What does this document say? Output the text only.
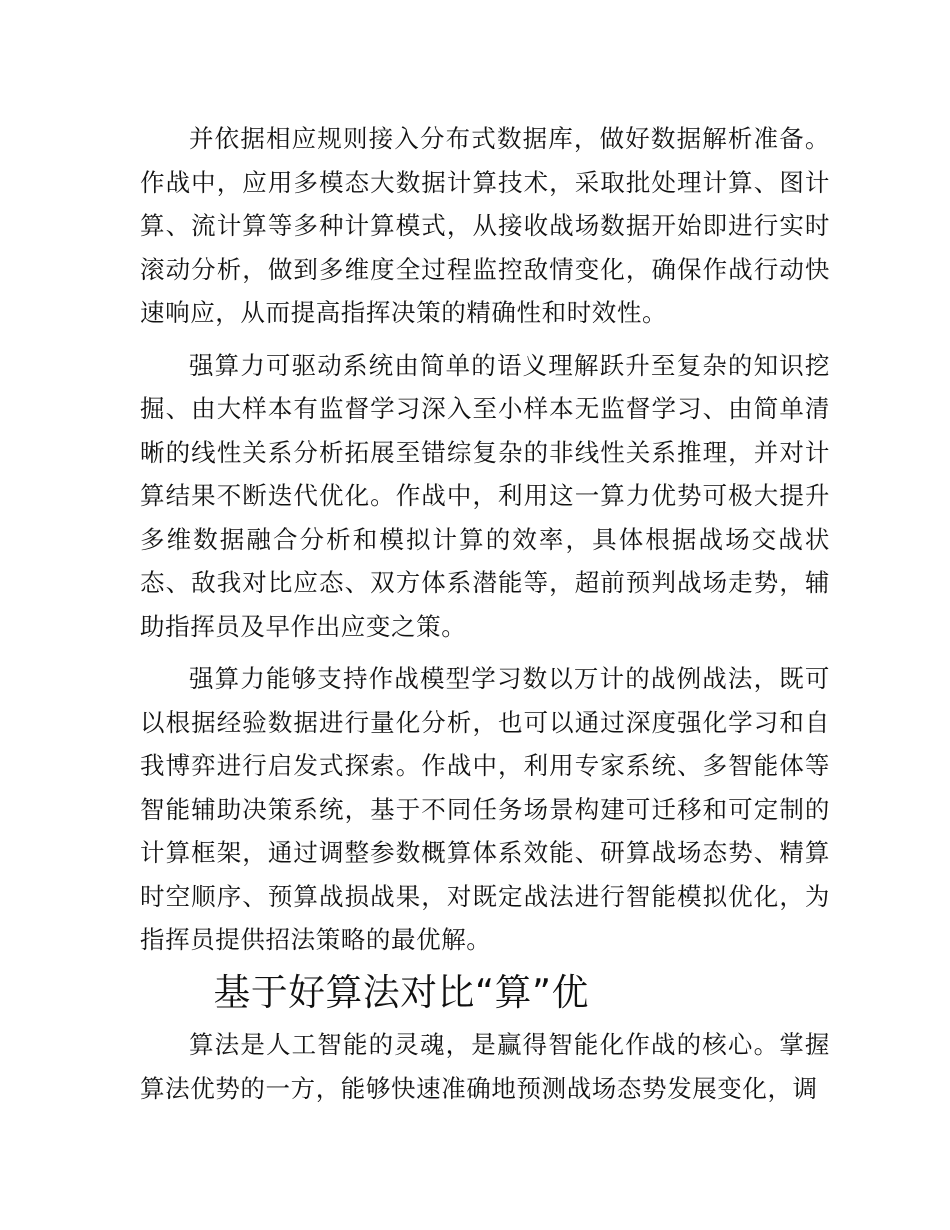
并依据相应规则接入分布式数据库，做好数据解析准备。作战中，应用多模态大数据计算技术，采取批处理计算、图计算、流计算等多种计算模式，从接收战场数据开始即进行实时滚动分析，做到多维度全过程监控敌情变化，确保作战行动快速响应，从而提高指挥决策的精确性和时效性。

强算力可驱动系统由简单的语义理解跃升至复杂的知识挖掘、由大样本有监督学习深入至小样本无监督学习、由简单清晰的线性关系分析拓展至错综复杂的非线性关系推理，并对计算结果不断迭代优化。作战中，利用这一算力优势可极大提升多维数据融合分析和模拟计算的效率，具体根据战场交战状态、敌我对比应态、双方体系潜能等，超前预判战场走势，辅助指挥员及早作出应变之策。

强算力能够支持作战模型学习数以万计的战例战法，既可以根据经验数据进行量化分析，也可以通过深度强化学习和自我博弈进行启发式探索。作战中，利用专家系统、多智能体等智能辅助决策系统，基于不同任务场景构建可迁移和可定制的计算框架，通过调整参数概算体系效能、研算战场态势、精算时空顺序、预算战损战果，对既定战法进行智能模拟优化，为指挥员提供招法策略的最优解。

基于好算法对比“算”优

算法是人工智能的灵魂，是赢得智能化作战的核心。掌握算法优势的一方，能够快速准确地预测战场态势发展变化，调
